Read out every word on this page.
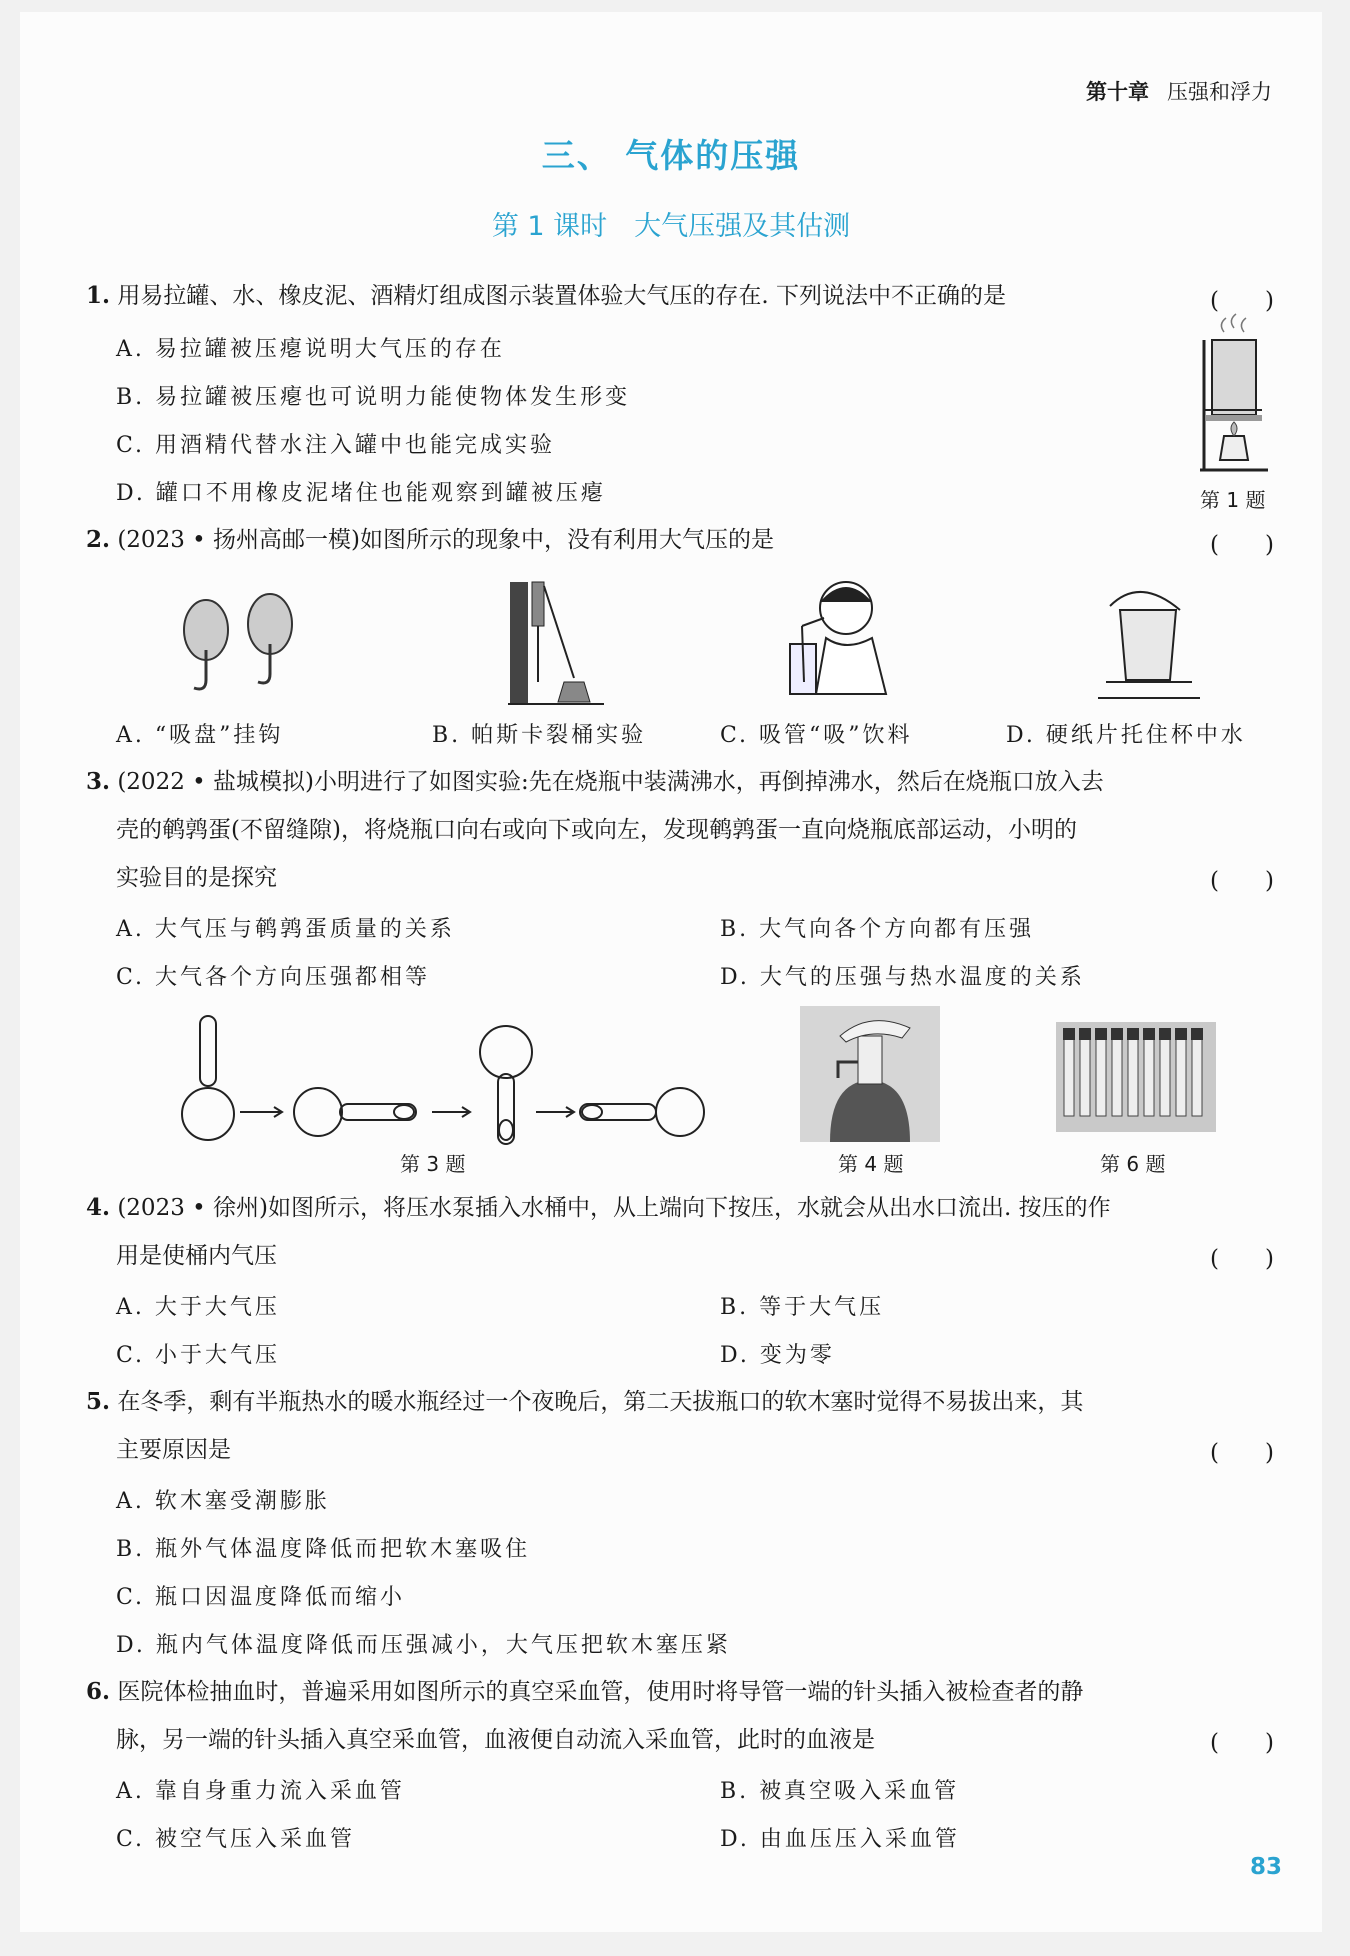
第十章 压强和浮力
三、 气体的压强
第 1 课时　大气压强及其估测
1. 用易拉罐、水、橡皮泥、酒精灯组成图示装置体验大气压的存在. 下列说法中不正确的是	(　　)
A. 易拉罐被压瘪说明大气压的存在
B. 易拉罐被压瘪也可说明力能使物体发生形变
C. 用酒精代替水注入罐中也能完成实验
D. 罐口不用橡皮泥堵住也能观察到罐被压瘪	第 1 题
2. (2023 • 扬州高邮一模)如图所示的现象中，没有利用大气压的是	(　　)
A. “吸盘”挂钩	B. 帕斯卡裂桶实验	C. 吸管“吸”饮料	D. 硬纸片托住杯中水
3. (2022 • 盐城模拟)小明进行了如图实验:先在烧瓶中装满沸水，再倒掉沸水，然后在烧瓶口放入去
壳的鹌鹑蛋(不留缝隙)，将烧瓶口向右或向下或向左，发现鹌鹑蛋一直向烧瓶底部运动，小明的
实验目的是探究	(　　)
A. 大气压与鹌鹑蛋质量的关系	B. 大气向各个方向都有压强
C. 大气各个方向压强都相等	D. 大气的压强与热水温度的关系
第 3 题	第 4 题	第 6 题
4. (2023 • 徐州)如图所示，将压水泵插入水桶中，从上端向下按压，水就会从出水口流出. 按压的作
用是使桶内气压	(　　)
A. 大于大气压	B. 等于大气压
C. 小于大气压	D. 变为零
5. 在冬季，剩有半瓶热水的暖水瓶经过一个夜晚后，第二天拔瓶口的软木塞时觉得不易拔出来，其
主要原因是	(　　)
A. 软木塞受潮膨胀
B. 瓶外气体温度降低而把软木塞吸住
C. 瓶口因温度降低而缩小
D. 瓶内气体温度降低而压强减小，大气压把软木塞压紧
6. 医院体检抽血时，普遍采用如图所示的真空采血管，使用时将导管一端的针头插入被检查者的静
脉，另一端的针头插入真空采血管，血液便自动流入采血管，此时的血液是	(　　)
A. 靠自身重力流入采血管	B. 被真空吸入采血管
C. 被空气压入采血管	D. 由血压压入采血管
83
